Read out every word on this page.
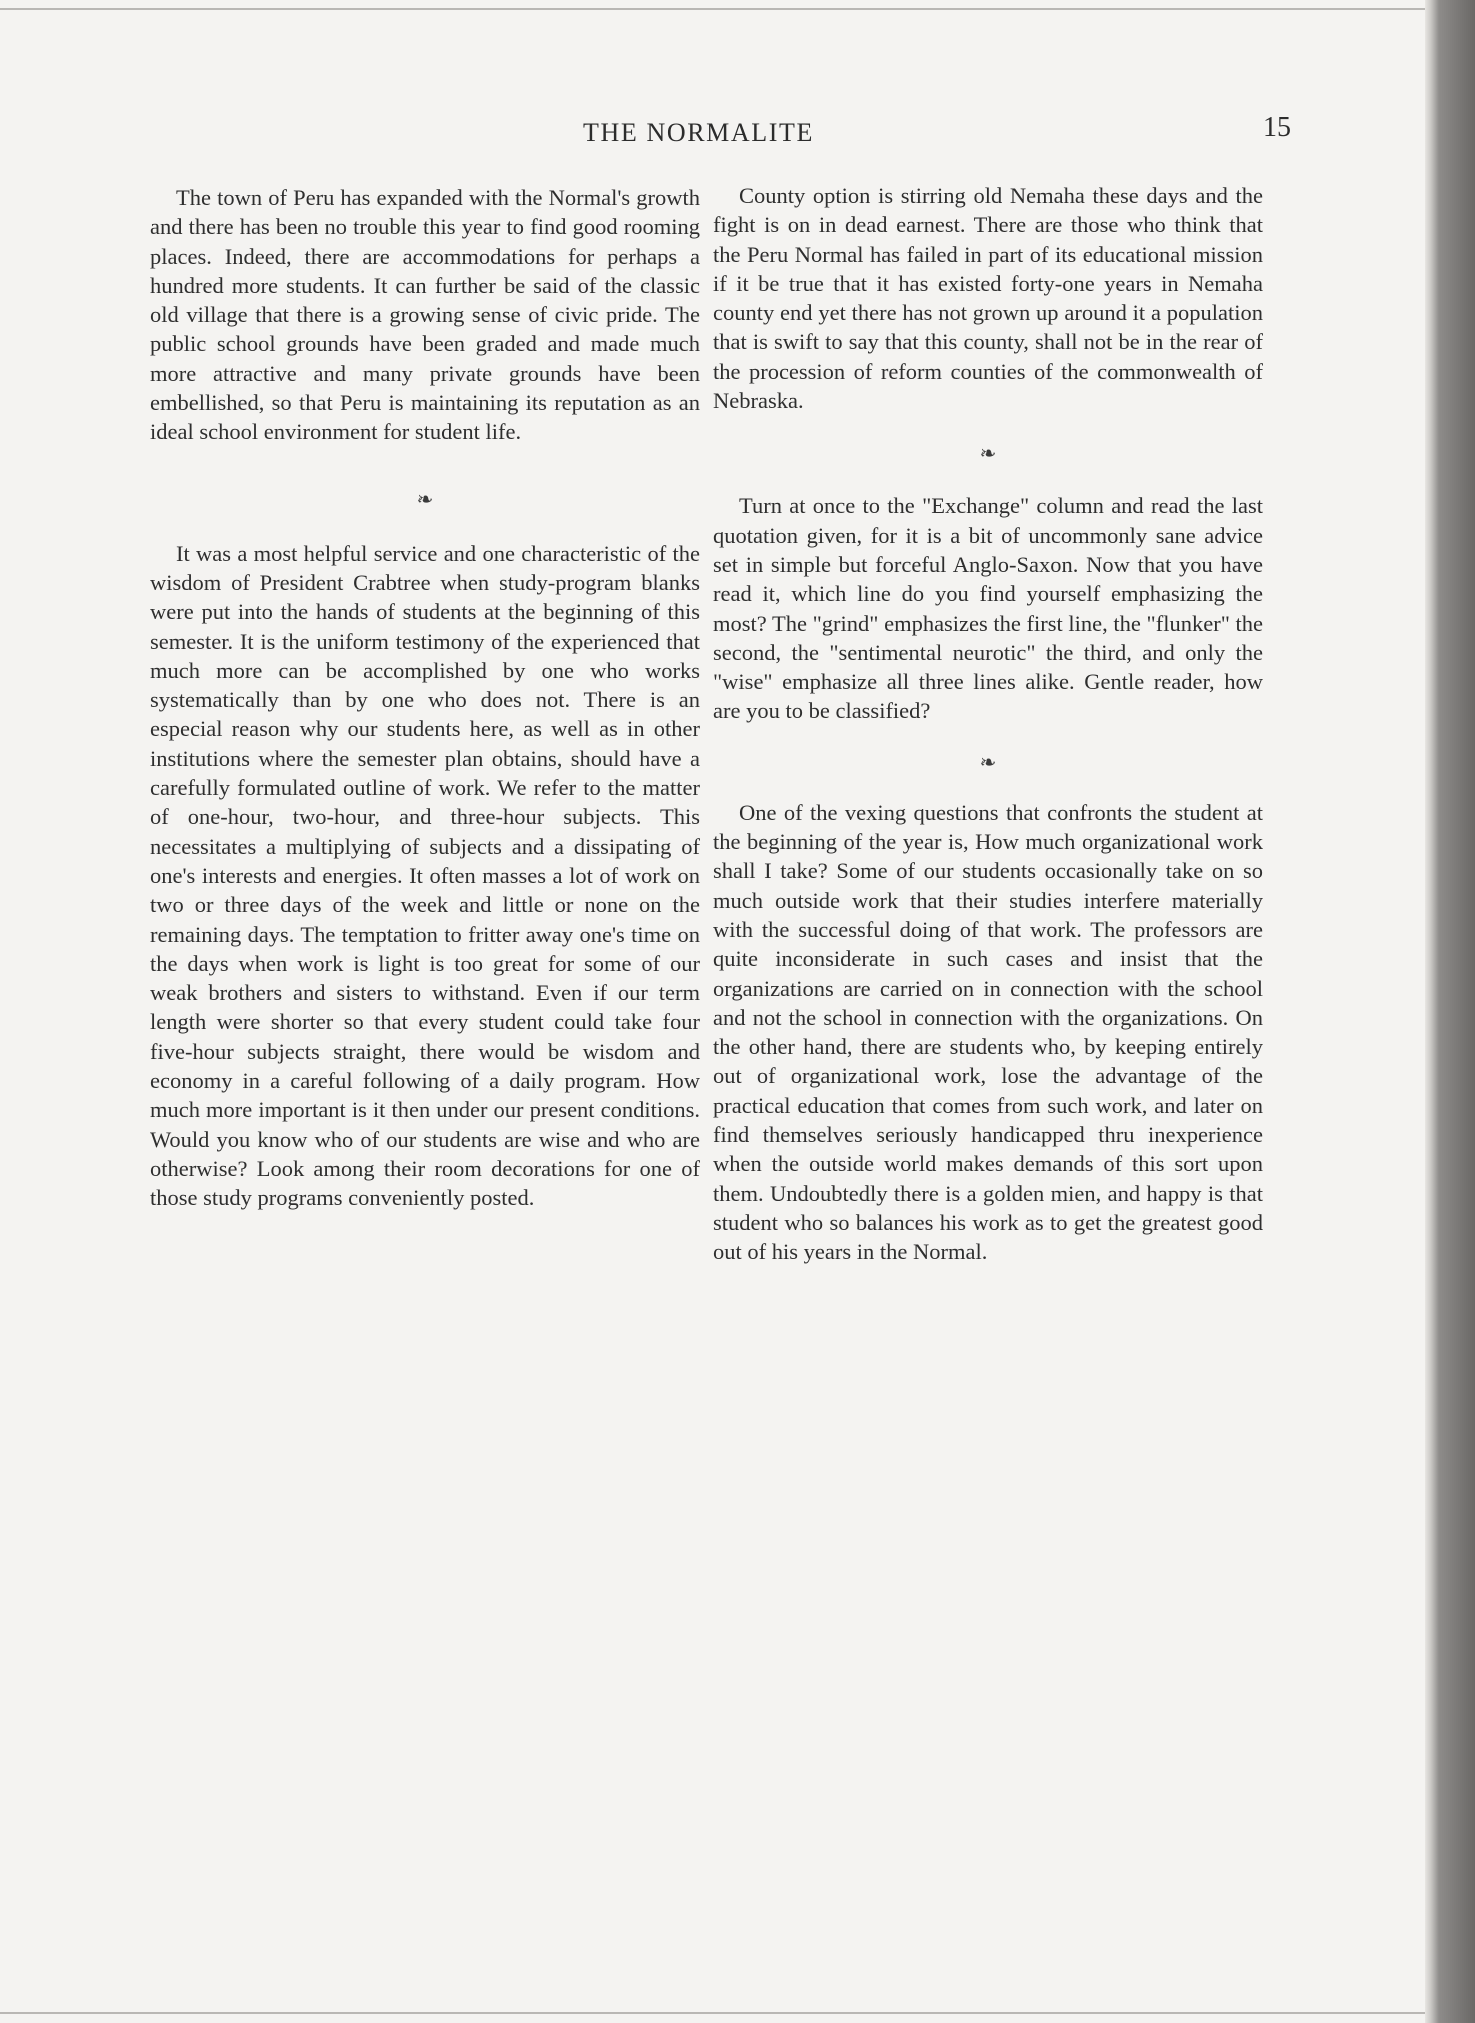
THE NORMALITE	15

The town of Peru has expanded with the Normal's growth and there has been no trouble this year to find good rooming places. Indeed, there are accommodations for perhaps a hundred more students. It can further be said of the classic old village that there is a growing sense of civic pride. The public school grounds have been graded and made much more attractive and many private grounds have been embellished, so that Peru is maintaining its reputation as an ideal school environment for student life.

❧

It was a most helpful service and one characteristic of the wisdom of President Crabtree when study-program blanks were put into the hands of students at the beginning of this semester. It is the uniform testimony of the experienced that much more can be accomplished by one who works systematically than by one who does not. There is an especial reason why our students here, as well as in other institutions where the semester plan obtains, should have a carefully formulated outline of work. We refer to the matter of one-hour, two-hour, and three-hour subjects. This necessitates a multiplying of subjects and a dissipating of one's interests and energies. It often masses a lot of work on two or three days of the week and little or none on the remaining days. The temptation to fritter away one's time on the days when work is light is too great for some of our weak brothers and sisters to withstand. Even if our term length were shorter so that every student could take four five-hour subjects straight, there would be wisdom and economy in a careful following of a daily program. How much more important is it then under our present conditions. Would you know who of our students are wise and who are otherwise? Look among their room decorations for one of those study programs conveniently posted.

County option is stirring old Nemaha these days and the fight is on in dead earnest. There are those who think that the Peru Normal has failed in part of its educational mission if it be true that it has existed forty-one years in Nemaha county end yet there has not grown up around it a population that is swift to say that this county, shall not be in the rear of the procession of reform counties of the commonwealth of Nebraska.

❧

Turn at once to the "Exchange" column and read the last quotation given, for it is a bit of uncommonly sane advice set in simple but forceful Anglo-Saxon. Now that you have read it, which line do you find yourself emphasizing the most? The "grind" emphasizes the first line, the "flunker" the second, the "sentimental neurotic" the third, and only the "wise" emphasize all three lines alike. Gentle reader, how are you to be classified?

❧

One of the vexing questions that confronts the student at the beginning of the year is, How much organizational work shall I take? Some of our students occasionally take on so much outside work that their studies interfere materially with the successful doing of that work. The professors are quite inconsiderate in such cases and insist that the organizations are carried on in connection with the school and not the school in connection with the organizations. On the other hand, there are students who, by keeping entirely out of organizational work, lose the advantage of the practical education that comes from such work, and later on find themselves seriously handicapped thru inexperience when the outside world makes demands of this sort upon them. Undoubtedly there is a golden mien, and happy is that student who so balances his work as to get the greatest good out of his years in the Normal.
